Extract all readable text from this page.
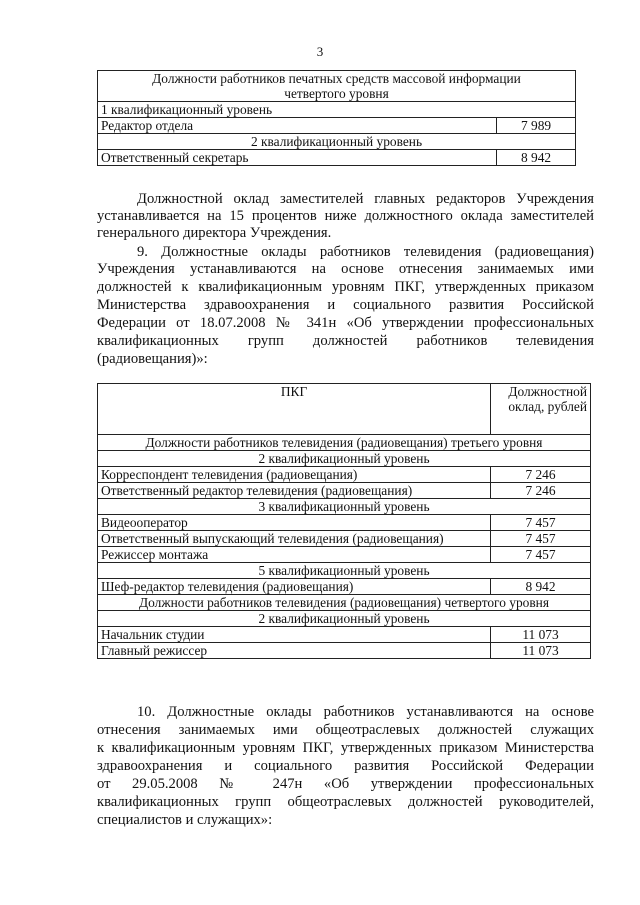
3
Должности работников печатных средств массовой информации четвертого уровня	
1 квалификационный уровень	
Редактор отдела	7 989
2 квалификационный уровень	
Ответственный секретарь	8 942

Должностной оклад заместителей главных редакторов Учреждения

устанавливается на 15 процентов ниже должностного оклада заместителей

генерального директора Учреждения.

9. Должностные оклады работников телевидения (радиовещания)

Учреждения устанавливаются на основе отнесения занимаемых ими

должностей к квалификационным уровням ПКГ, утвержденных приказом

Министерства здравоохранения и социального развития Российской

Федерации от 18.07.2008 № 341н «Об утверждении профессиональных

квалификационных групп должностей работников телевидения

(радиовещания)»:

ПКГ	Должностной оклад, рублей
Должности работников телевидения (радиовещания) третьего уровня	
2 квалификационный уровень	
Корреспондент телевидения (радиовещания)	7 246
Ответственный редактор телевидения (радиовещания)	7 246
3 квалификационный уровень	
Видеооператор	7 457
Ответственный выпускающий телевидения (радиовещания)	7 457
Режиссер монтажа	7 457
5 квалификационный уровень	
Шеф-редактор телевидения (радиовещания)	8 942
Должности работников телевидения (радиовещания) четвертого уровня	
2 квалификационный уровень	
Начальник студии	11 073
Главный режиссер	11 073

10. Должностные оклады работников устанавливаются на основе

отнесения занимаемых ими общеотраслевых должностей служащих

к квалификационным уровням ПКГ, утвержденных приказом Министерства

здравоохранения и социального развития Российской Федерации

от 29.05.2008 № 247н «Об утверждении профессиональных

квалификационных групп общеотраслевых должностей руководителей,

специалистов и служащих»:
